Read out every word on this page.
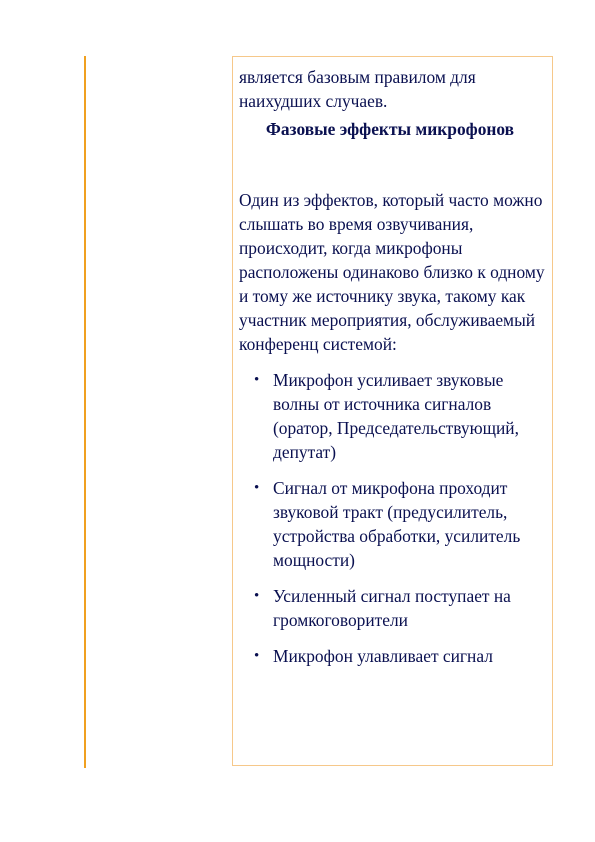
является базовым правилом для наихудших случаев.

Фазовые эффекты микрофонов

Один из эффектов, который часто можно слышать во время озвучивания, происходит, когда микрофоны расположены одинаково близко к одному и тому же источнику звука, такому как участник мероприятия, обслуживаемый конференц системой:

• Микрофон усиливает звуковые волны от источника сигналов (оратор, Председательствующий, депутат)
• Сигнал от микрофона проходит звуковой тракт (предусилитель, устройства обработки, усилитель мощности)
• Усиленный сигнал поступает на громкоговорители
• Микрофон улавливает сигнал
